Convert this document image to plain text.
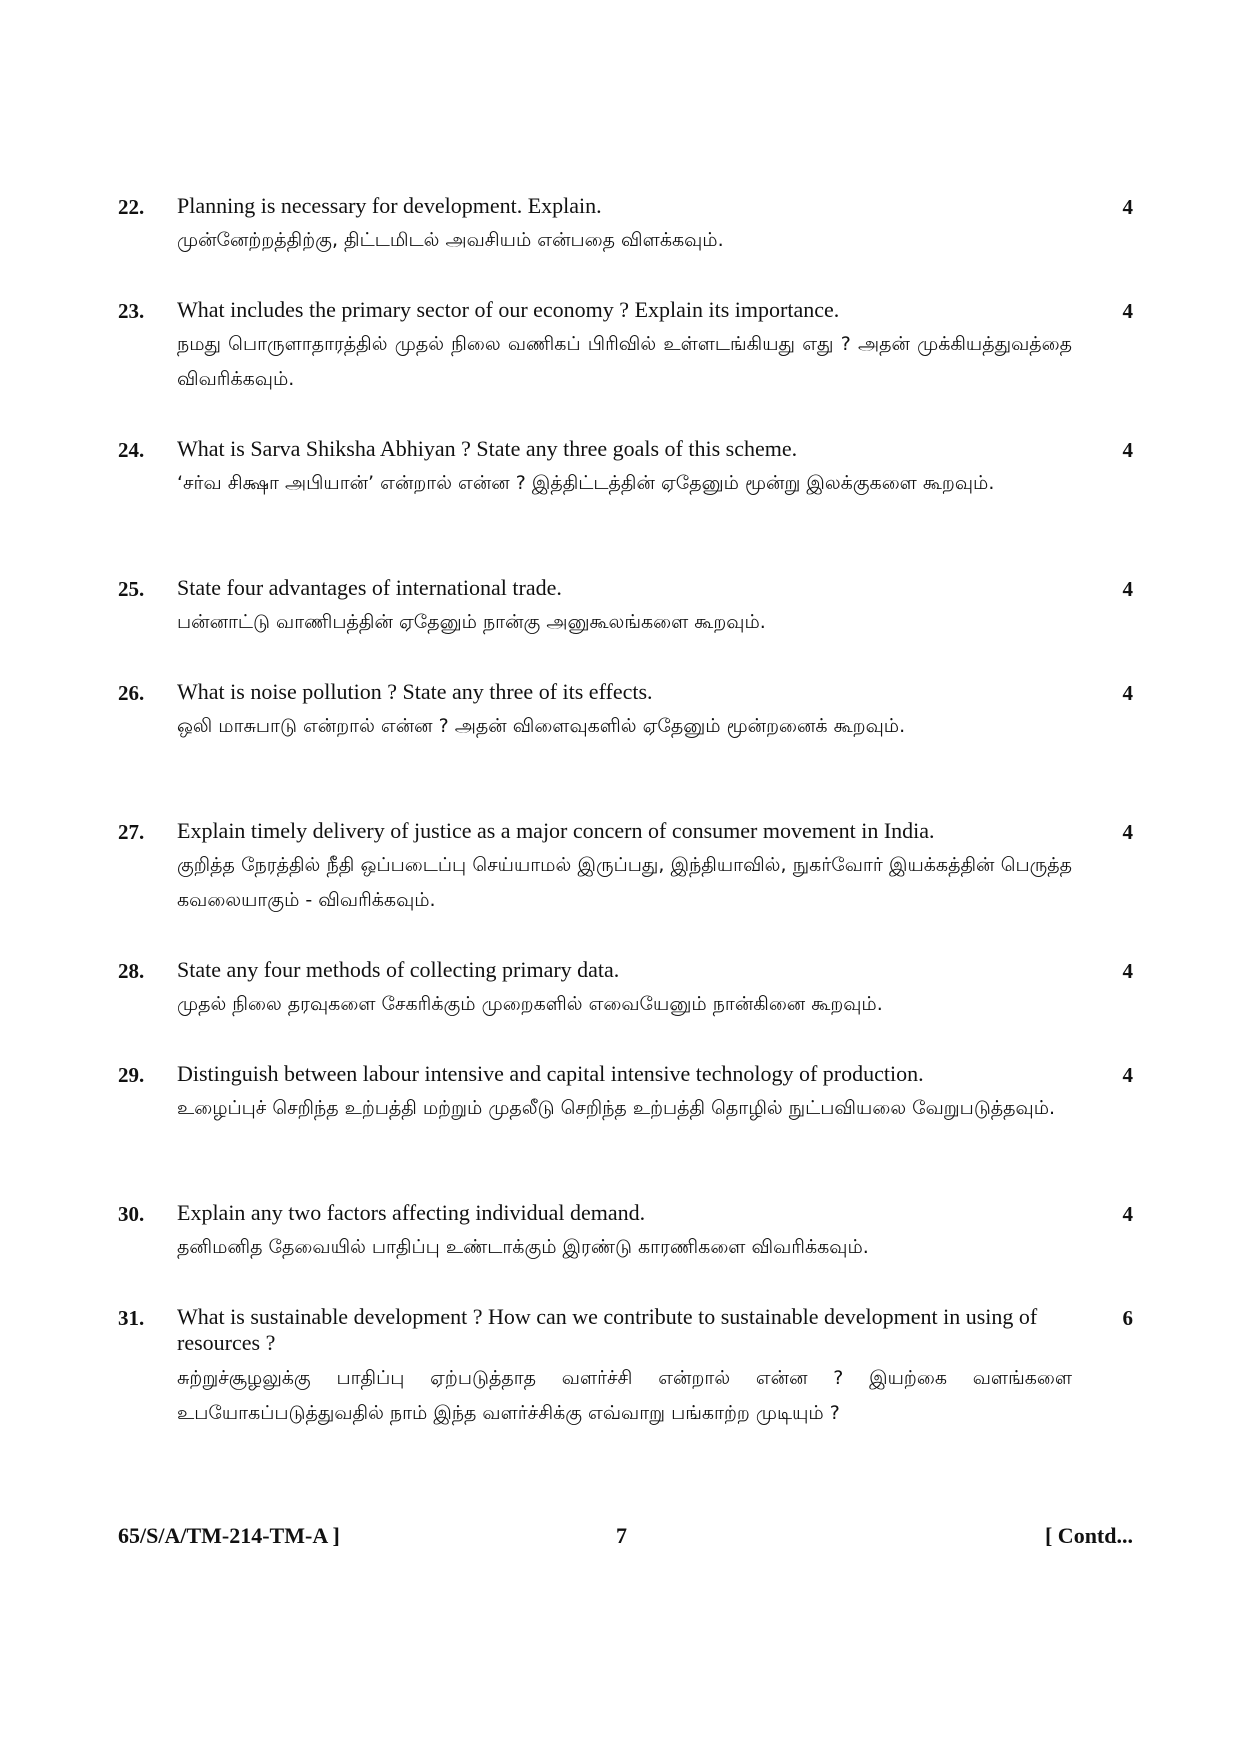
22. Planning is necessary for development. Explain.	4
முன்னேற்றத்திற்கு, திட்டமிடல் அவசியம் என்பதை விளக்கவும்.
23. What includes the primary sector of our economy ? Explain its importance.	4
நமது பொருளாதாரத்தில் முதல் நிலை வணிகப் பிரிவில் உள்ளடங்கியது எது ? அதன் முக்கியத்துவத்தை விவரிக்கவும்.
24. What is Sarva Shiksha Abhiyan ? State any three goals of this scheme.	4
‘சர்வ சிக்ஷா அபியான்’ என்றால் என்ன ? இத்திட்டத்தின் ஏதேனும் மூன்று இலக்குகளை கூறவும்.
25. State four advantages of international trade.	4
பன்னாட்டு வாணிபத்தின் ஏதேனும் நான்கு அனுகூலங்களை கூறவும்.
26. What is noise pollution ? State any three of its effects.	4
ஒலி மாசுபாடு என்றால் என்ன ? அதன் விளைவுகளில் ஏதேனும் மூன்றனைக் கூறவும்.
27. Explain timely delivery of justice as a major concern of consumer movement in India.	4
குறித்த நேரத்தில் நீதி ஒப்படைப்பு செய்யாமல் இருப்பது, இந்தியாவில், நுகர்வோர் இயக்கத்தின் பெருத்த கவலையாகும் - விவரிக்கவும்.
28. State any four methods of collecting primary data.	4
முதல் நிலை தரவுகளை சேகரிக்கும் முறைகளில் எவையேனும் நான்கினை கூறவும்.
29. Distinguish between labour intensive and capital intensive technology of production.	4
உழைப்புச் செறிந்த உற்பத்தி மற்றும் முதலீடு செறிந்த உற்பத்தி தொழில் நுட்பவியலை வேறுபடுத்தவும்.
30. Explain any two factors affecting individual demand.	4
தனிமனித தேவையில் பாதிப்பு உண்டாக்கும் இரண்டு காரணிகளை விவரிக்கவும்.
31. What is sustainable development ? How can we contribute to sustainable development in using of resources ?
6
சுற்றுச்சூழலுக்கு பாதிப்பு ஏற்படுத்தாத வளர்ச்சி என்றால் என்ன ? இயற்கை வளங்களை உபயோகப்படுத்துவதில் நாம் இந்த வளர்ச்சிக்கு எவ்வாறு பங்காற்ற முடியும் ?
65/S/A/TM-214-TM-A ]	7	[ Contd...
